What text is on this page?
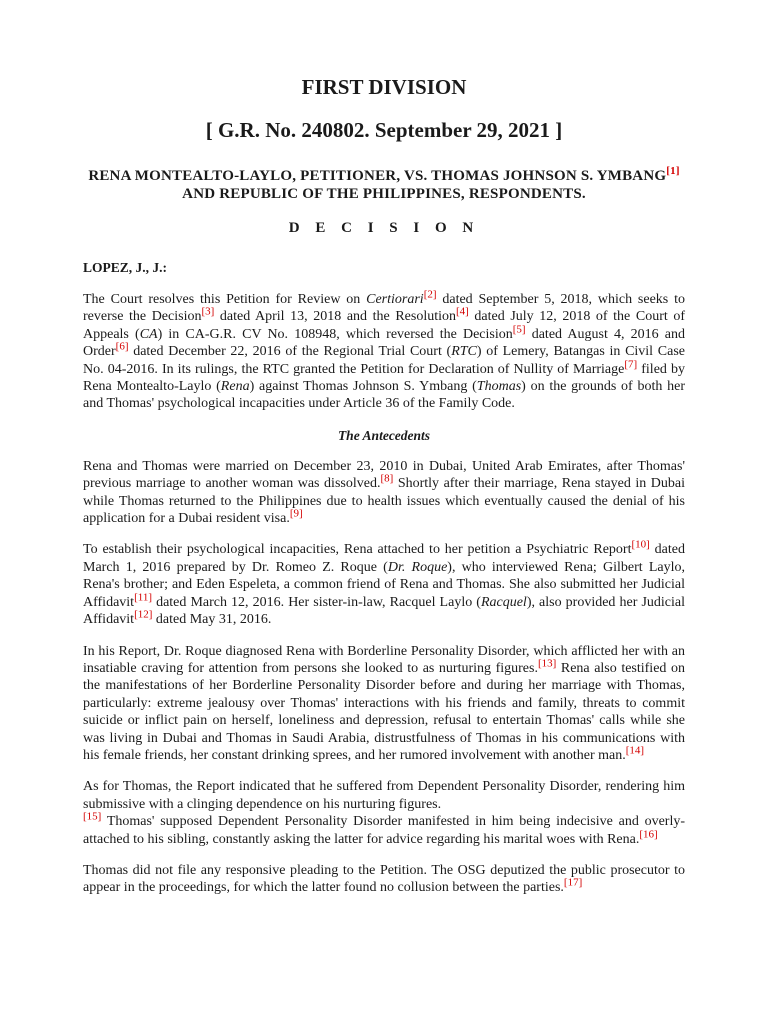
FIRST DIVISION
[ G.R. No. 240802. September 29, 2021 ]
RENA MONTEALTO-LAYLO, PETITIONER, VS. THOMAS JOHNSON S. YMBANG[1] AND REPUBLIC OF THE PHILIPPINES, RESPONDENTS.
D E C I S I O N

LOPEZ, J., J.:

The Court resolves this Petition for Review on Certiorari[2] dated September 5, 2018, which seeks to reverse the Decision[3] dated April 13, 2018 and the Resolution[4] dated July 12, 2018 of the Court of Appeals (CA) in CA-G.R. CV No. 108948, which reversed the Decision[5] dated August 4, 2016 and Order[6] dated December 22, 2016 of the Regional Trial Court (RTC) of Lemery, Batangas in Civil Case No. 04-2016. In its rulings, the RTC granted the Petition for Declaration of Nullity of Marriage[7] filed by Rena Montealto-Laylo (Rena) against Thomas Johnson S. Ymbang (Thomas) on the grounds of both her and Thomas' psychological incapacities under Article 36 of the Family Code.

The Antecedents

Rena and Thomas were married on December 23, 2010 in Dubai, United Arab Emirates, after Thomas' previous marriage to another woman was dissolved.[8] Shortly after their marriage, Rena stayed in Dubai while Thomas returned to the Philippines due to health issues which eventually caused the denial of his application for a Dubai resident visa.[9]

To establish their psychological incapacities, Rena attached to her petition a Psychiatric Report[10] dated March 1, 2016 prepared by Dr. Romeo Z. Roque (Dr. Roque), who interviewed Rena; Gilbert Laylo, Rena's brother; and Eden Espeleta, a common friend of Rena and Thomas. She also submitted her Judicial Affidavit[11] dated March 12, 2016. Her sister-in-law, Racquel Laylo (Racquel), also provided her Judicial Affidavit[12] dated May 31, 2016.

In his Report, Dr. Roque diagnosed Rena with Borderline Personality Disorder, which afflicted her with an insatiable craving for attention from persons she looked to as nurturing figures.[13] Rena also testified on the manifestations of her Borderline Personality Disorder before and during her marriage with Thomas, particularly: extreme jealousy over Thomas' interactions with his friends and family, threats to commit suicide or inflict pain on herself, loneliness and depression, refusal to entertain Thomas' calls while she was living in Dubai and Thomas in Saudi Arabia, distrustfulness of Thomas in his communications with his female friends, her constant drinking sprees, and her rumored involvement with another man.[14]

As for Thomas, the Report indicated that he suffered from Dependent Personality Disorder, rendering him submissive with a clinging dependence on his nurturing figures.
[15] Thomas' supposed Dependent Personality Disorder manifested in him being indecisive and overly-attached to his sibling, constantly asking the latter for advice regarding his marital woes with Rena.[16]

Thomas did not file any responsive pleading to the Petition. The OSG deputized the public prosecutor to appear in the proceedings, for which the latter found no collusion between the parties.[17]
